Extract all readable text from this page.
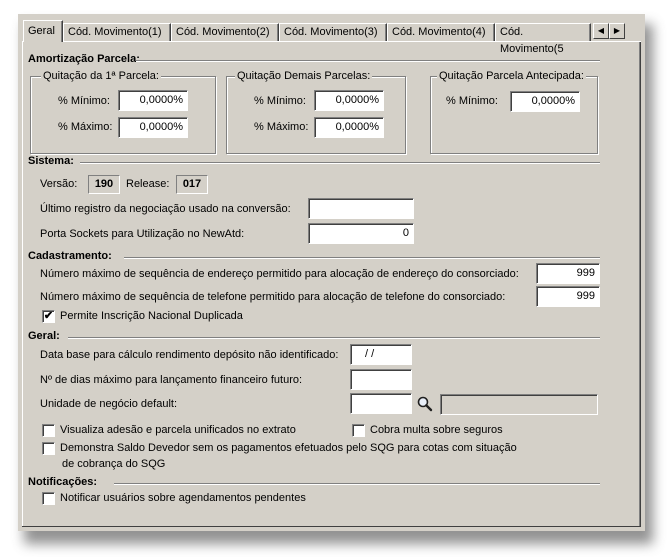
Geral	Cód. Movimento(1)	Cód. Movimento(2)	Cód. Movimento(3)	Cód. Movimento(4)	Cód. Movimento(5
◀	▶
Amortização Parcela:
Quitação da 1ª Parcela:
% Mínimo:	0,0000%
% Máximo:	0,0000%
Quitação Demais Parcelas:
% Mínimo:	0,0000%
% Máximo:	0,0000%
Quitação Parcela Antecipada:
% Mínimo:	0,0000%
Sistema:
Versão:	190	Release:	017
Último registro da negociação usado na conversão:
Porta Sockets para Utilização no NewAtd:	0
Cadastramento:
Número máximo de sequência de endereço permitido para alocação de endereço do consorciado:	999
Número máximo de sequência de telefone permitido para alocação de telefone do consorciado:	999
✔ Permite Inscrição Nacional Duplicada
Geral:
Data base para cálculo rendimento depósito não identificado:	/ /
Nº de dias máximo para lançamento financeiro futuro:
Unidade de negócio default:
Visualiza adesão e parcela unificados no extrato	Cobra multa sobre seguros
Demonstra Saldo Devedor sem os pagamentos efetuados pelo SQG para cotas com situação
de cobrança do SQG
Notificações:
Notificar usuários sobre agendamentos pendentes
